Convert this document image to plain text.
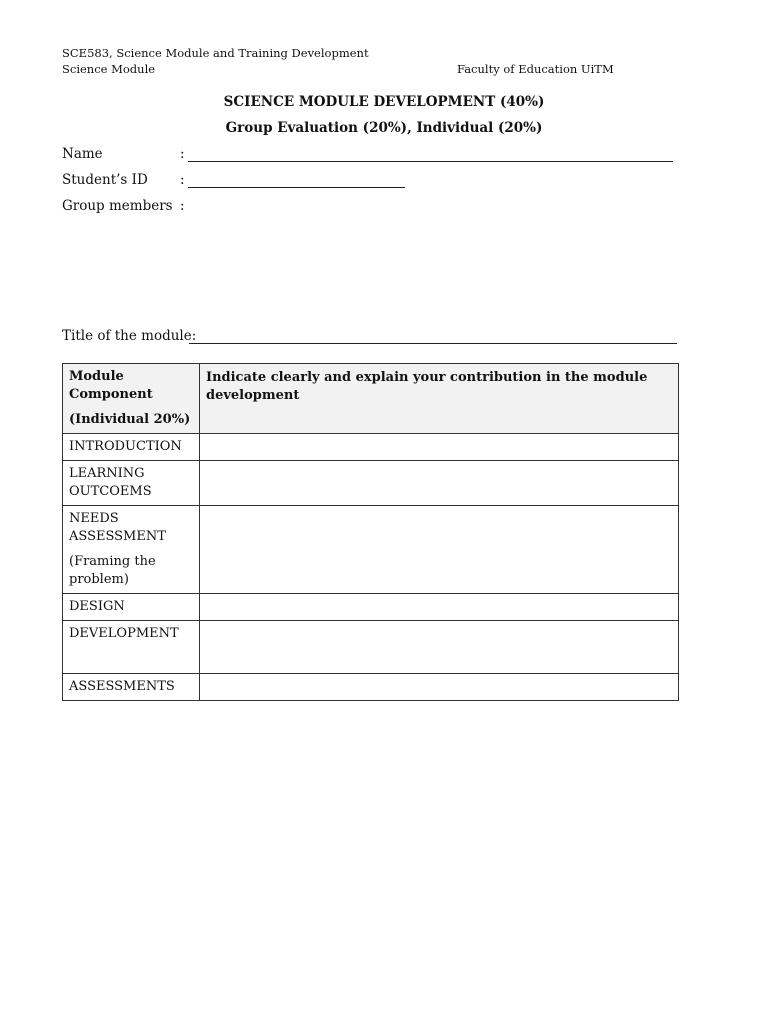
SCE583, Science Module and Training Development
Science Module	Faculty of Education UiTM
SCIENCE MODULE DEVELOPMENT (40%)
Group Evaluation (20%), Individual (20%)
Name	:
Student’s ID :
Group members :
Title of the module:
Module Component
(Individual 20%)	Indicate clearly and explain your contribution in the module development
INTRODUCTION	
LEARNING OUTCOEMS	
NEEDS ASSESSMENT
(Framing the problem)	

DESIGN	
DEVELOPMENT	
ASSESSMENTS	
